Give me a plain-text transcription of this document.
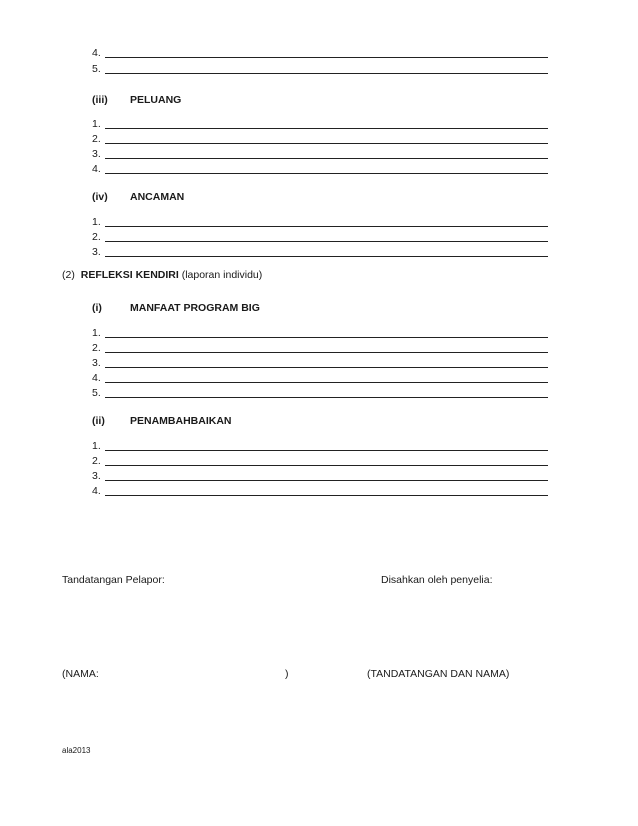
4.
5.
(iii) PELUANG
1.
2.
3.
4.
(iv) ANCAMAN
1.
2.
3.
(2) REFLEKSI KENDIRI (laporan individu)
(i)	MANFAAT PROGRAM BIG
1.
2.
3.
4.
5.
(ii) PENAMBAHBAIKAN
1.
2.
3.
4.
Tandatangan Pelapor:	Disahkan oleh penyelia:
(NAMA:	)	(TANDATANGAN DAN NAMA)
ala2013
